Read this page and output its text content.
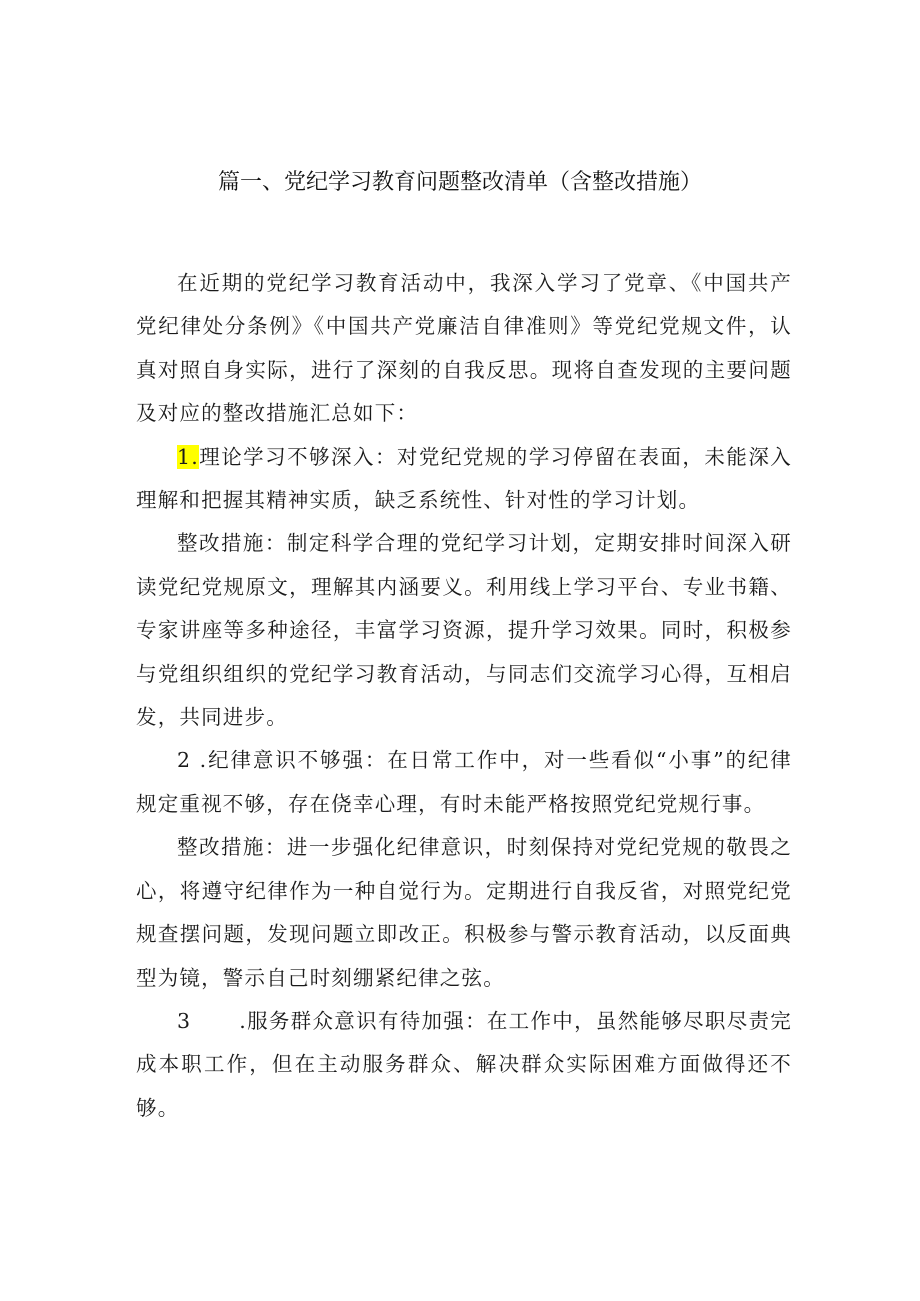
篇一、党纪学习教育问题整改清单（含整改措施）

在近期的党纪学习教育活动中，我深入学习了党章、《中国共产党纪律处分条例》《中国共产党廉洁自律准则》等党纪党规文件，认真对照自身实际，进行了深刻的自我反思。现将自查发现的主要问题及对应的整改措施汇总如下：

1.理论学习不够深入：对党纪党规的学习停留在表面，未能深入理解和把握其精神实质，缺乏系统性、针对性的学习计划。

整改措施：制定科学合理的党纪学习计划，定期安排时间深入研读党纪党规原文，理解其内涵要义。利用线上学习平台、专业书籍、专家讲座等多种途径，丰富学习资源，提升学习效果。同时，积极参与党组织组织的党纪学习教育活动，与同志们交流学习心得，互相启发，共同进步。

2 .纪律意识不够强：在日常工作中，对一些看似“小事”的纪律规定重视不够，存在侥幸心理，有时未能严格按照党纪党规行事。

整改措施：进一步强化纪律意识，时刻保持对党纪党规的敬畏之心，将遵守纪律作为一种自觉行为。定期进行自我反省，对照党纪党规查摆问题，发现问题立即改正。积极参与警示教育活动，以反面典型为镜，警示自己时刻绷紧纪律之弦。

3 .服务群众意识有待加强：在工作中，虽然能够尽职尽责完成本职工作，但在主动服务群众、解决群众实际困难方面做得还不够。
